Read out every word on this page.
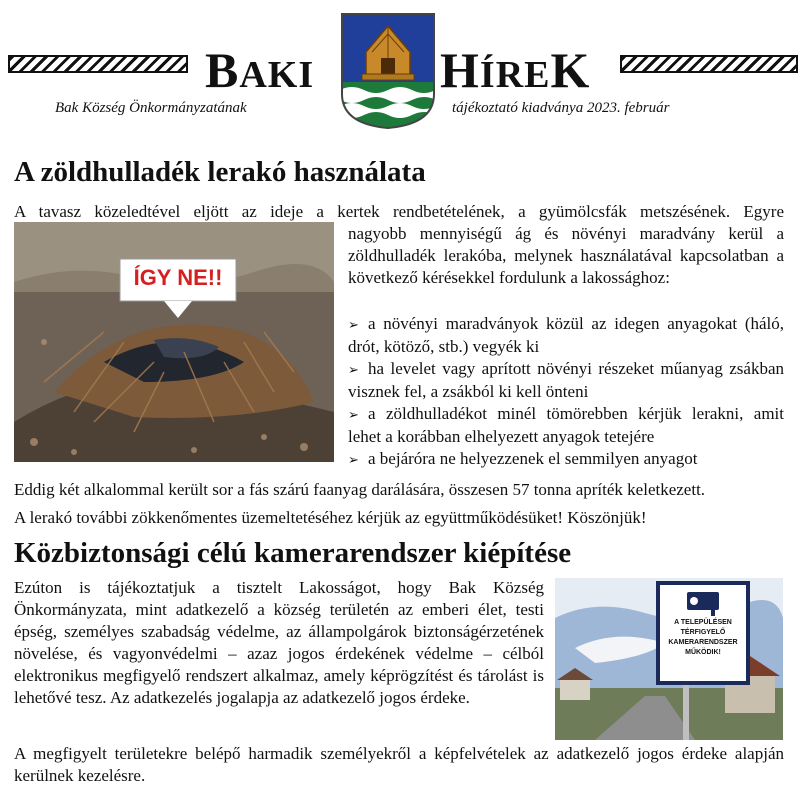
BAKI	HÍREK
Bak Község Önkormányzatának	tájékoztató kiadványa 2023. február
A zöldhulladék lerakó használata

A tavasz közeledtével eljött az ideje a kertek rendbetételének, a gyümölcsfák metszésének. Egyre

ÍGY NE!!

nagyobb mennyiségű ág és növényi maradvány kerül a zöldhulladék lerakóba, melynek használatával kapcsolatban a következő kérésekkel fordulunk a lakossághoz:

➢ a növényi maradványok közül az idegen anyagokat (háló, drót, kötöző, stb.) vegyék ki
➢ ha levelet vagy aprított növényi részeket műanyag zsákban visznek fel, a zsákból ki kell önteni
➢ a zöldhulladékot minél tömörebben kérjük lerakni, amit lehet a korábban elhelyezett anyagok tetejére
➢ a bejáróra ne helyezzenek el semmilyen anyagot

Eddig két alkalommal került sor a fás szárú faanyag darálására, összesen 57 tonna apríték keletkezett.

A lerakó további zökkenőmentes üzemeltetéséhez kérjük az együttműködésüket! Köszönjük!

Közbiztonsági célú kamerarendszer kiépítése

Ezúton is tájékoztatjuk a tisztelt Lakosságot, hogy Bak Község Önkormányzata, mint adatkezelő a község területén az emberi élet, testi épség, személyes szabadság védelme, az állampolgárok biztonságérzetének növelése, és vagyonvédelmi – azaz jogos érdekének védelme – célból elektronikus megfigyelő rendszert alkalmaz, amely képrögzítést és tárolást is lehetővé tesz. Az adatkezelés jogalapja az adatkezelő jogos érdeke.

A TELEPÜLÉSEN
TÉRFIGYELŐ
KAMERARENDSZER
MŰKÖDIK!

A megfigyelt területekre belépő harmadik személyekről a képfelvételek az adatkezelő jogos érdeke alapján kerülnek kezelésre.
